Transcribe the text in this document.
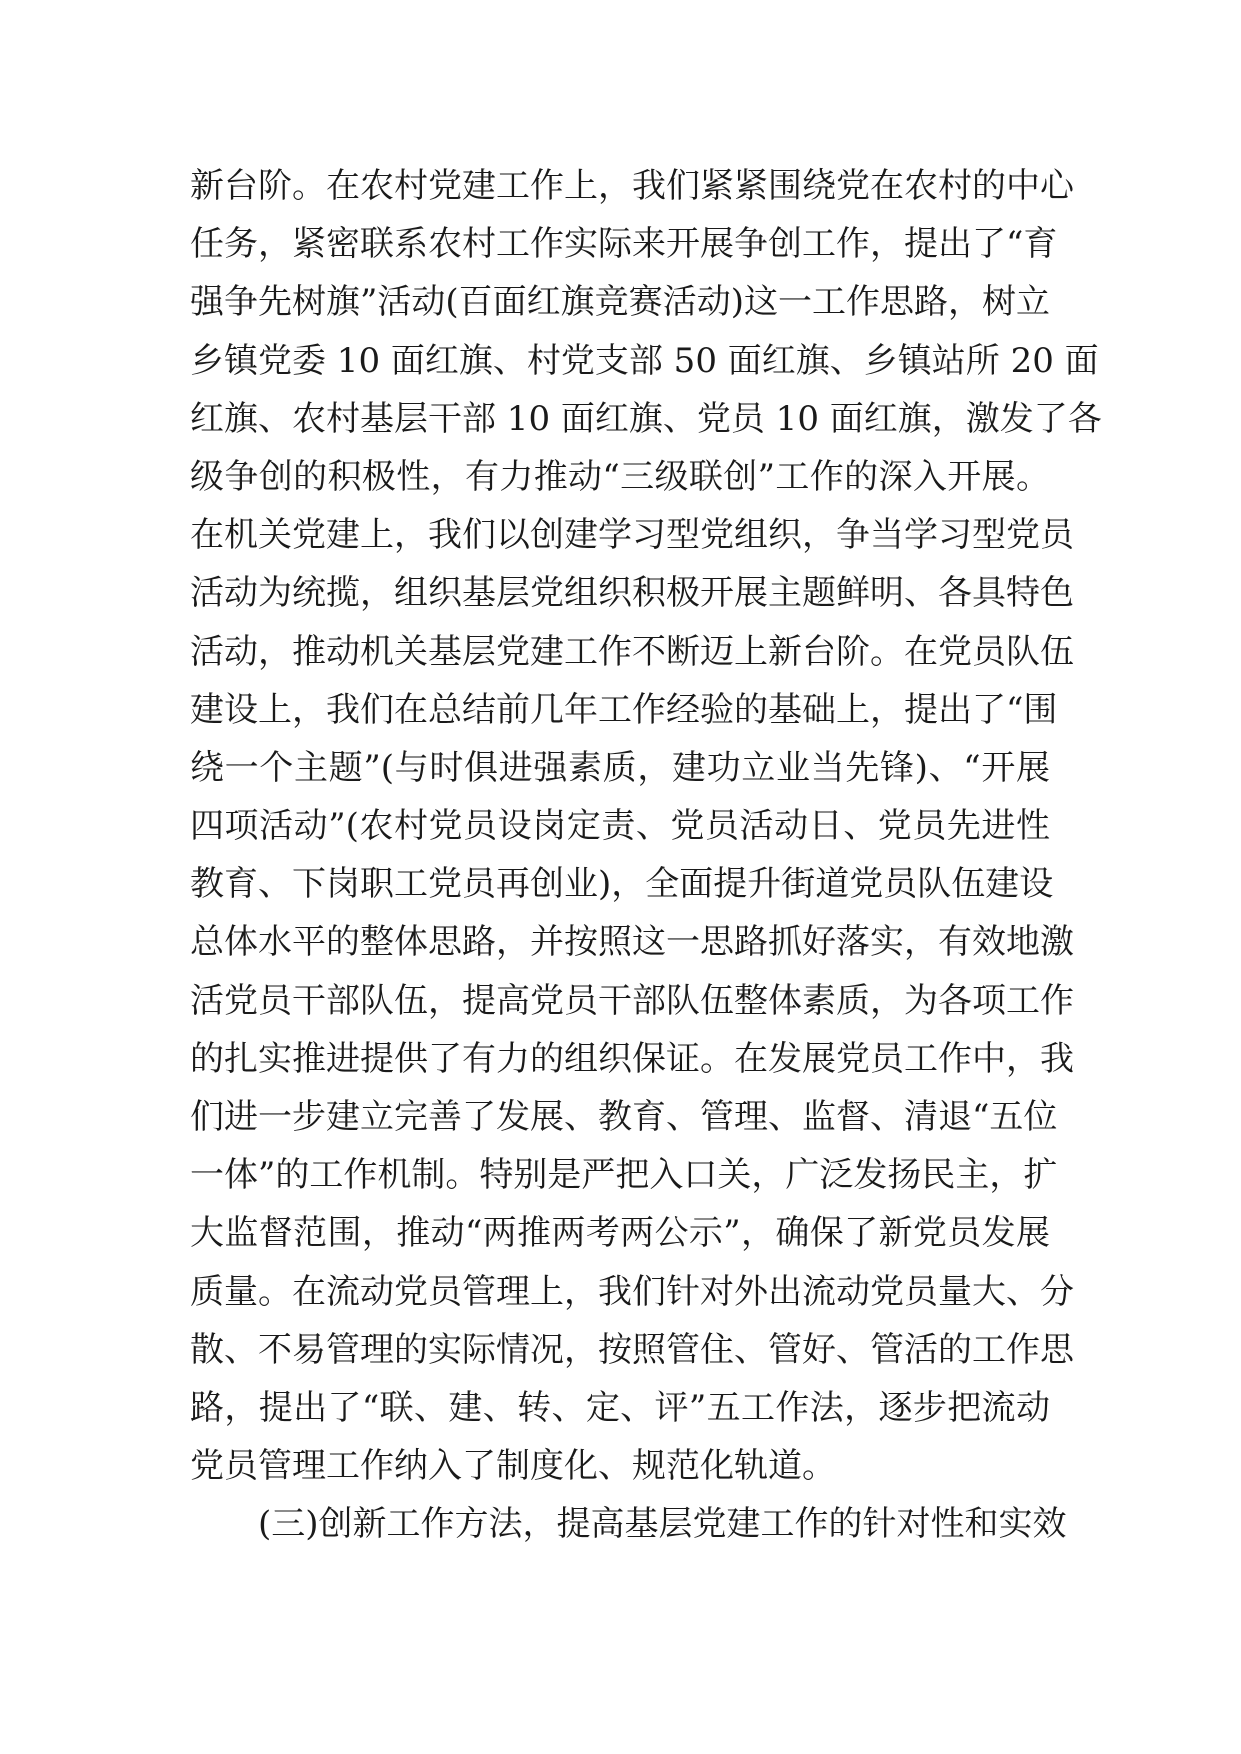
新台阶。在农村党建工作上，我们紧紧围绕党在农村的中心
任务，紧密联系农村工作实际来开展争创工作，提出了“育
强争先树旗”活动(百面红旗竞赛活动)这一工作思路，树立
乡镇党委 10 面红旗、村党支部 50 面红旗、乡镇站所 20 面
红旗、农村基层干部 10 面红旗、党员 10 面红旗，激发了各
级争创的积极性，有力推动“三级联创”工作的深入开展。
在机关党建上，我们以创建学习型党组织，争当学习型党员
活动为统揽，组织基层党组织积极开展主题鲜明、各具特色
活动，推动机关基层党建工作不断迈上新台阶。在党员队伍
建设上，我们在总结前几年工作经验的基础上，提出了“围
绕一个主题”(与时俱进强素质，建功立业当先锋)、“开展
四项活动”(农村党员设岗定责、党员活动日、党员先进性
教育、下岗职工党员再创业)，全面提升街道党员队伍建设
总体水平的整体思路，并按照这一思路抓好落实，有效地激
活党员干部队伍，提高党员干部队伍整体素质，为各项工作
的扎实推进提供了有力的组织保证。在发展党员工作中，我
们进一步建立完善了发展、教育、管理、监督、清退“五位
一体”的工作机制。特别是严把入口关，广泛发扬民主，扩
大监督范围，推动“两推两考两公示”，确保了新党员发展
质量。在流动党员管理上，我们针对外出流动党员量大、分
散、不易管理的实际情况，按照管住、管好、管活的工作思
路，提出了“联、建、转、定、评”五工作法，逐步把流动
党员管理工作纳入了制度化、规范化轨道。
(三)创新工作方法，提高基层党建工作的针对性和实效
